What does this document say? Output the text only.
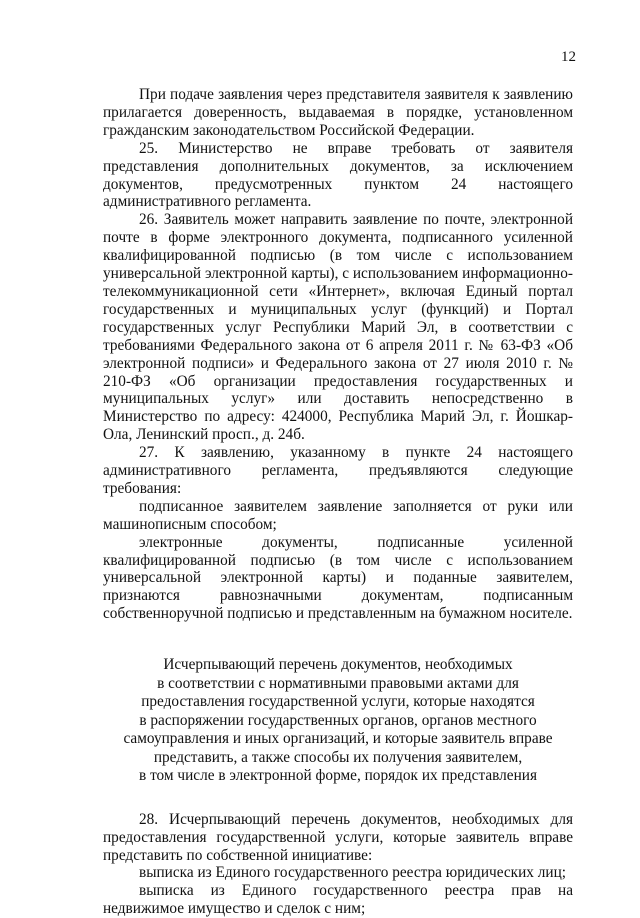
12

При подаче заявления через представителя заявителя к заявлению прилагается доверенность, выдаваемая в порядке, установленном гражданским законодательством Российской Федерации.

25. Министерство не вправе требовать от заявителя представления дополнительных документов, за исключением документов, предусмотренных пунктом 24 настоящего административного регламента.

26. Заявитель может направить заявление по почте, электронной почте в форме электронного документа, подписанного усиленной квалифицированной подписью (в том числе с использованием универсальной электронной карты), с использованием информационно-телекоммуникационной сети «Интернет», включая Единый портал государственных и муниципальных услуг (функций) и Портал государственных услуг Республики Марий Эл, в соответствии с требованиями Федерального закона от 6 апреля 2011 г. № 63-ФЗ «Об электронной подписи» и Федерального закона от 27 июля 2010 г. № 210-ФЗ «Об организации предоставления государственных и муниципальных услуг» или доставить непосредственно в Министерство по адресу: 424000, Республика Марий Эл, г. Йошкар-Ола, Ленинский просп., д. 24б.

27. К заявлению, указанному в пункте 24 настоящего административного регламента, предъявляются следующие требования:

подписанное заявителем заявление заполняется от руки или машинописным способом;

электронные документы, подписанные усиленной квалифицированной подписью (в том числе с использованием универсальной электронной карты) и поданные заявителем, признаются равнозначными документам, подписанным собственноручной подписью и представленным на бумажном носителе.

Исчерпывающий перечень документов, необходимых
в соответствии с нормативными правовыми актами для
предоставления государственной услуги, которые находятся
в распоряжении государственных органов, органов местного
самоуправления и иных организаций, и которые заявитель вправе
представить, а также способы их получения заявителем,
в том числе в электронной форме, порядок их представления

28. Исчерпывающий перечень документов, необходимых для предоставления государственной услуги, которые заявитель вправе представить по собственной инициативе:

выписка из Единого государственного реестра юридических лиц;

выписка из Единого государственного реестра прав на недвижимое имущество и сделок с ним;
